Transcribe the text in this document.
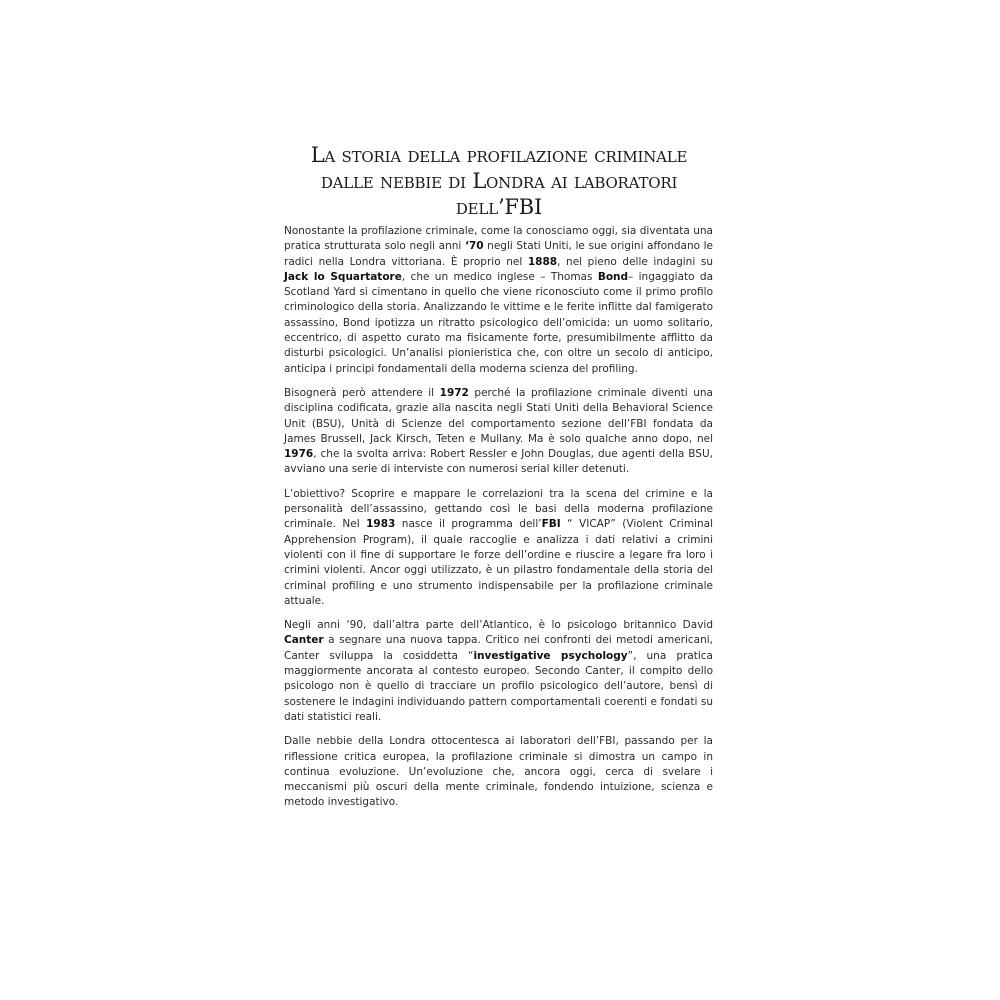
La storia della profilazione criminale
dalle nebbie di Londra ai laboratori
dell’FBI

Nonostante la profilazione criminale, come la conosciamo oggi, sia diventata una pratica strutturata solo negli anni ‘70 negli Stati Uniti, le sue origini affondano le radici nella Londra vittoriana. È proprio nel 1888, nel pieno delle indagini su Jack lo Squartatore, che un medico inglese – Thomas Bond– ingaggiato da Scotland Yard si cimentano in quello che viene riconosciuto come il primo profilo criminologico della storia. Analizzando le vittime e le ferite inflitte dal famigerato assassino, Bond ipotizza un ritratto psicologico dell’omicida: un uomo solitario, eccentrico, di aspetto curato ma fisicamente forte, presumibilmente afflitto da disturbi psicologici. Un’analisi pionieristica che, con oltre un secolo di anticipo, anticipa i principi fondamentali della moderna scienza del profiling.

Bisognerà però attendere il 1972 perché la profilazione criminale diventi una disciplina codificata, grazie alla nascita negli Stati Uniti della Behavioral Science Unit (BSU), Unità di Scienze del comportamento sezione dell’FBI fondata da James Brussell, Jack Kirsch, Teten e Mullany. Ma è solo qualche anno dopo, nel 1976, che la svolta arriva: Robert Ressler e John Douglas, due agenti della BSU, avviano una serie di interviste con numerosi serial killer detenuti.

L’obiettivo? Scoprire e mappare le correlazioni tra la scena del crimine e la personalità dell’assassino, gettando così le basi della moderna profilazione criminale. Nel 1983 nasce il programma dell’FBI “ VICAP” (Violent Criminal Apprehension Program), il quale raccoglie e analizza i dati relativi a crimini violenti con il fine di supportare le forze dell’ordine e riuscire a legare fra loro i crimini violenti. Ancor oggi utilizzato, è un pilastro fondamentale della storia del criminal profiling e uno strumento indispensabile per la profilazione criminale attuale.

Negli anni ‘90, dall’altra parte dell’Atlantico, è lo psicologo britannico David Canter a segnare una nuova tappa. Critico nei confronti dei metodi americani, Canter sviluppa la cosiddetta “investigative psychology”, una pratica maggiormente ancorata al contesto europeo. Secondo Canter, il compito dello psicologo non è quello di tracciare un profilo psicologico dell’autore, bensì di sostenere le indagini individuando pattern comportamentali coerenti e fondati su dati statistici reali.

Dalle nebbie della Londra ottocentesca ai laboratori dell’FBI, passando per la riflessione critica europea, la profilazione criminale si dimostra un campo in continua evoluzione. Un’evoluzione che, ancora oggi, cerca di svelare i meccanismi più oscuri della mente criminale, fondendo intuizione, scienza e metodo investigativo.
